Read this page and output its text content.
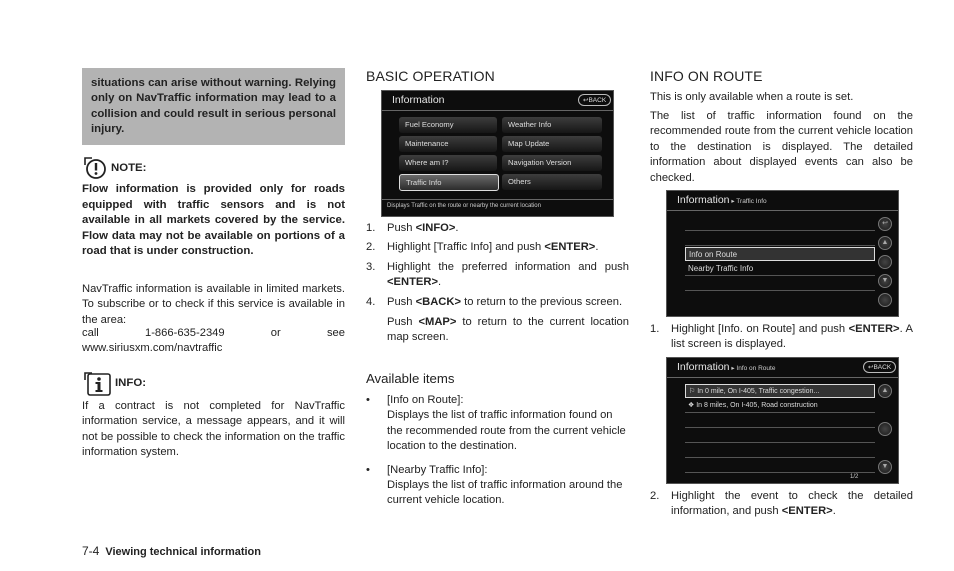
situations can arise without warning. Relying only on NavTraffic information may lead to a collision and could result in serious personal injury.

NOTE:

Flow information is provided only for roads equipped with traffic sensors and is not available in all markets covered by the service. Flow data may not be available on portions of a road that is under construction.

NavTraffic information is available in limited markets. To subscribe or to check if this service is available in the area:

call 1-866-635-2349 or see www.siriusxm.com/navtraffic

INFO:

If a contract is not completed for NavTraffic information service, a message appears, and it will not be possible to check the information on the traffic information system.

BASIC OPERATION
Information	↩BACK
Fuel Economy
Maintenance
Where am I?
Traffic Info
Weather Info
Map Update
Navigation Version
Others
Displays Traffic on the route or nearby the current location
1.	Push <INFO>.
2.	Highlight [Traffic Info] and push <ENTER>.
3.	Highlight the preferred information and push <ENTER>.
4.	Push <BACK> to return to the previous screen.
Push <MAP> to return to the current location map screen.
Available items
•	[Info on Route]:
Displays the list of traffic information found on the recommended route from the current vehicle location to the destination.
•	[Nearby Traffic Info]:
Displays the list of traffic information around the current vehicle location.
INFO ON ROUTE

This is only available when a route is set.

The list of traffic information found on the recommended route from the current vehicle location to the destination is displayed. The detailed information about displayed events can also be checked.

Information ▸ Traffic Info
Info on Route
Nearby Traffic Info
↩
▲
▼
1.	Highlight [Info. on Route] and push <ENTER>. A list screen is displayed.
Information ▸ Info on Route	↩BACK
⚐ In 0 mile, On I-405, Traffic congestion...
❖ In 8 miles, On I-405, Road construction
▲
▼
1/2
2.	Highlight the event to check the detailed information, and push <ENTER>.
7-4 Viewing technical information
